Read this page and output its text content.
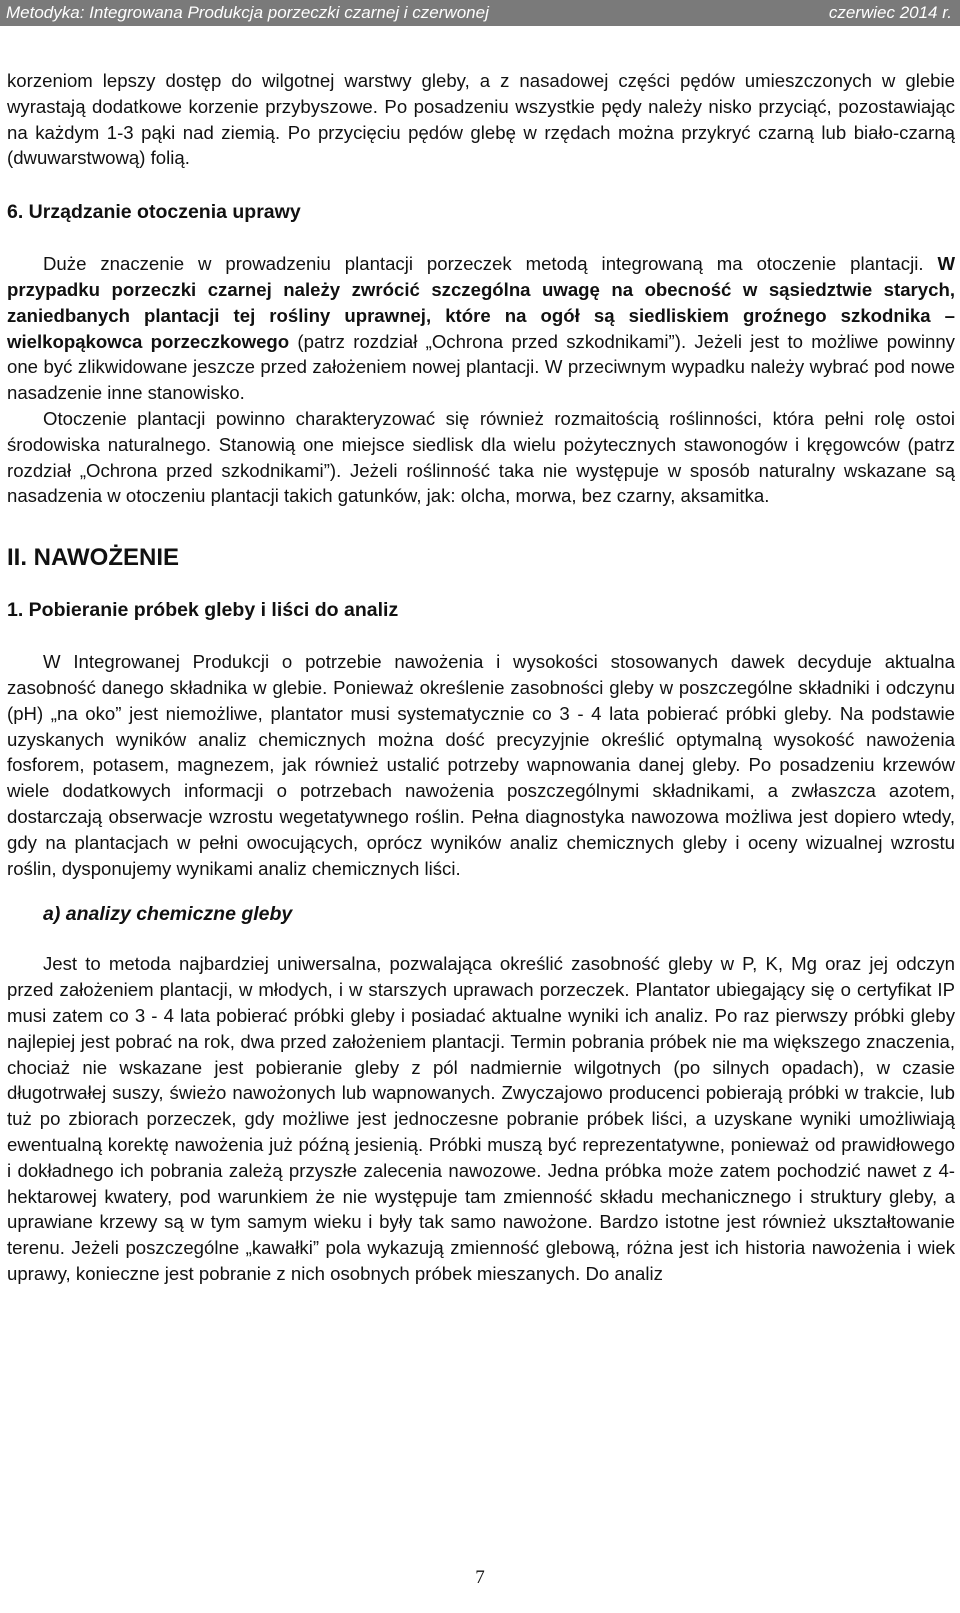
Metodyka: Integrowana Produkcja porzeczki czarnej i czerwonej	czerwiec 2014 r.

korzeniom lepszy dostęp do wilgotnej warstwy gleby, a z nasadowej części pędów umieszczonych w glebie wyrastają dodatkowe korzenie przybyszowe. Po posadzeniu wszystkie pędy należy nisko przyciąć, pozostawiając na każdym 1-3 pąki nad ziemią. Po przycięciu pędów glebę w rzędach można przykryć czarną lub biało-czarną (dwuwarstwową) folią.

6. Urządzanie otoczenia uprawy

Duże znaczenie w prowadzeniu plantacji porzeczek metodą integrowaną ma otoczenie plantacji. W przypadku porzeczki czarnej należy zwrócić szczególna uwagę na obecność w sąsiedztwie starych, zaniedbanych plantacji tej rośliny uprawnej, które na ogół są siedliskiem groźnego szkodnika – wielkopąkowca porzeczkowego (patrz rozdział „Ochrona przed szkodnikami”). Jeżeli jest to możliwe powinny one być zlikwidowane jeszcze przed założeniem nowej plantacji. W przeciwnym wypadku należy wybrać pod nowe nasadzenie inne stanowisko.

Otoczenie plantacji powinno charakteryzować się również rozmaitością roślinności, która pełni rolę ostoi środowiska naturalnego. Stanowią one miejsce siedlisk dla wielu pożytecznych stawonogów i kręgowców (patrz rozdział „Ochrona przed szkodnikami”). Jeżeli roślinność taka nie występuje w sposób naturalny wskazane są nasadzenia w otoczeniu plantacji takich gatunków, jak: olcha, morwa, bez czarny, aksamitka.

II. NAWOŻENIE
1. Pobieranie próbek gleby i liści do analiz

W Integrowanej Produkcji o potrzebie nawożenia i wysokości stosowanych dawek decyduje aktualna zasobność danego składnika w glebie. Ponieważ określenie zasobności gleby w poszczególne składniki i odczynu (pH) „na oko” jest niemożliwe, plantator musi systematycznie co 3 - 4 lata pobierać próbki gleby. Na podstawie uzyskanych wyników analiz chemicznych można dość precyzyjnie określić optymalną wysokość nawożenia fosforem, potasem, magnezem, jak również ustalić potrzeby wapnowania danej gleby. Po posadzeniu krzewów wiele dodatkowych informacji o potrzebach nawożenia poszczególnymi składnikami, a zwłaszcza azotem, dostarczają obserwacje wzrostu wegetatywnego roślin. Pełna diagnostyka nawozowa możliwa jest dopiero wtedy, gdy na plantacjach w pełni owocujących, oprócz wyników analiz chemicznych gleby i oceny wizualnej wzrostu roślin, dysponujemy wynikami analiz chemicznych liści.

a) analizy chemiczne gleby

Jest to metoda najbardziej uniwersalna, pozwalająca określić zasobność gleby w P, K, Mg oraz jej odczyn przed założeniem plantacji, w młodych, i w starszych uprawach porzeczek. Plantator ubiegający się o certyfikat IP musi zatem co 3 - 4 lata pobierać próbki gleby i posiadać aktualne wyniki ich analiz. Po raz pierwszy próbki gleby najlepiej jest pobrać na rok, dwa przed założeniem plantacji. Termin pobrania próbek nie ma większego znaczenia, chociaż nie wskazane jest pobieranie gleby z pól nadmiernie wilgotnych (po silnych opadach), w czasie długotrwałej suszy, świeżo nawożonych lub wapnowanych. Zwyczajowo producenci pobierają próbki w trakcie, lub tuż po zbiorach porzeczek, gdy możliwe jest jednoczesne pobranie próbek liści, a uzyskane wyniki umożliwiają ewentualną korektę nawożenia już późną jesienią. Próbki muszą być reprezentatywne, ponieważ od prawidłowego i dokładnego ich pobrania zależą przyszłe zalecenia nawozowe. Jedna próbka może zatem pochodzić nawet z 4-hektarowej kwatery, pod warunkiem że nie występuje tam zmienność składu mechanicznego i struktury gleby, a uprawiane krzewy są w tym samym wieku i były tak samo nawożone. Bardzo istotne jest również ukształtowanie terenu. Jeżeli poszczególne „kawałki” pola wykazują zmienność glebową, różna jest ich historia nawożenia i wiek uprawy, konieczne jest pobranie z nich osobnych próbek mieszanych. Do analiz

7
